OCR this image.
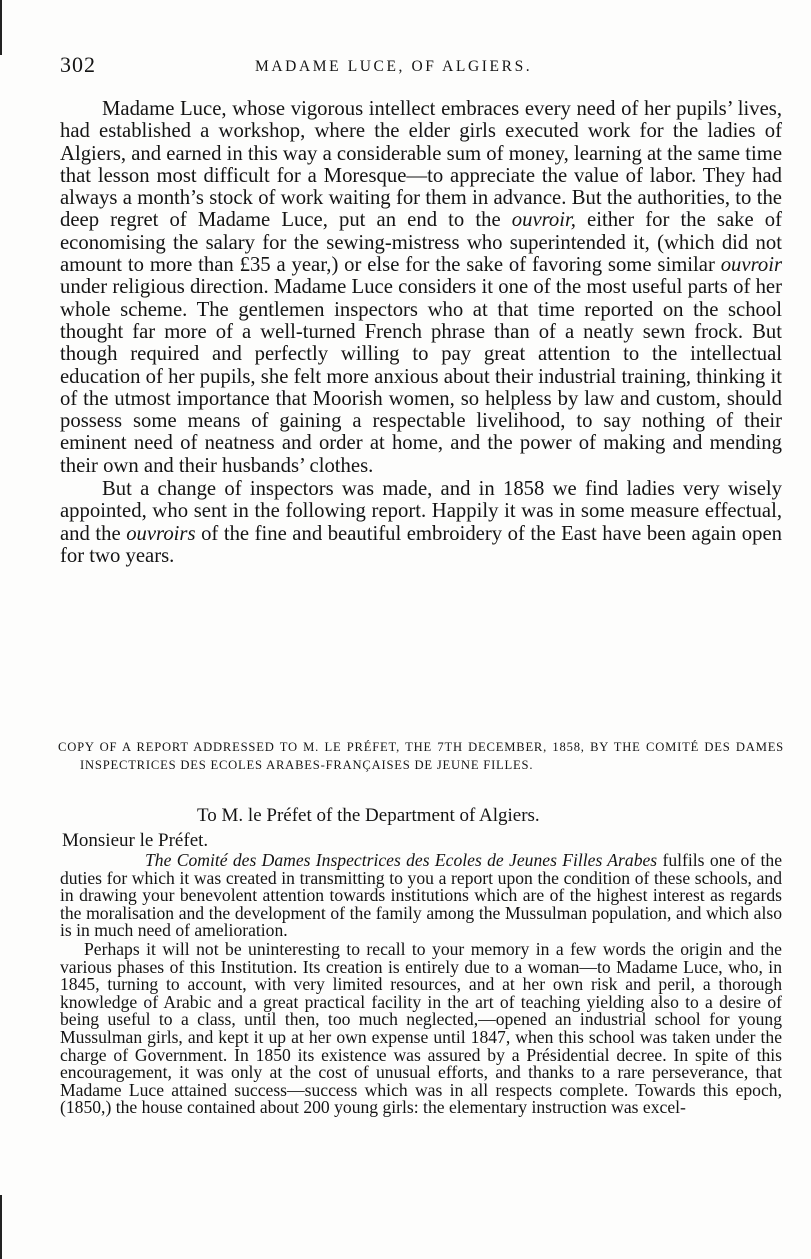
302	MADAME LUCE, OF ALGIERS.

Madame Luce, whose vigorous intellect embraces every need of her pupils’ lives, had established a workshop, where the elder girls executed work for the ladies of Algiers, and earned in this way a considerable sum of money, learning at the same time that lesson most difficult for a Moresque—to appreciate the value of labor. They had always a month’s stock of work waiting for them in advance. But the authorities, to the deep regret of Madame Luce, put an end to the ouvroir, either for the sake of economising the salary for the sewing-mistress who superintended it, (which did not amount to more than £35 a year,) or else for the sake of favoring some similar ouvroir under religious direction. Madame Luce considers it one of the most useful parts of her whole scheme. The gentlemen inspectors who at that time reported on the school thought far more of a well-turned French phrase than of a neatly sewn frock. But though required and perfectly willing to pay great attention to the intellectual education of her pupils, she felt more anxious about their industrial training, thinking it of the utmost importance that Moorish women, so helpless by law and custom, should possess some means of gaining a respectable livelihood, to say nothing of their eminent need of neatness and order at home, and the power of making and mending their own and their husbands’ clothes.

But a change of inspectors was made, and in 1858 we find ladies very wisely appointed, who sent in the following report. Happily it was in some measure effectual, and the ouvroirs of the fine and beautiful embroidery of the East have been again open for two years.

COPY OF A REPORT ADDRESSED TO M. LE PRÉFET, THE 7TH DECEMBER, 1858, BY THE COMITÉ DES DAMES INSPECTRICES DES ECOLES ARABES-FRANÇAISES DE JEUNE FILLES.
To M. le Préfet of the Department of Algiers.
Monsieur le Préfet.

The Comité des Dames Inspectrices des Ecoles de Jeunes Filles Arabes fulfils one of the duties for which it was created in transmitting to you a report upon the condition of these schools, and in drawing your benevolent attention towards institutions which are of the highest interest as regards the moralisation and the development of the family among the Mussulman population, and which also is in much need of amelioration.

Perhaps it will not be uninteresting to recall to your memory in a few words the origin and the various phases of this Institution. Its creation is entirely due to a woman—to Madame Luce, who, in 1845, turning to account, with very limited resources, and at her own risk and peril, a thorough knowledge of Arabic and a great practical facility in the art of teaching yielding also to a desire of being useful to a class, until then, too much neglected,—opened an industrial school for young Mussulman girls, and kept it up at her own expense until 1847, when this school was taken under the charge of Government. In 1850 its existence was assured by a Présidential decree. In spite of this encouragement, it was only at the cost of unusual efforts, and thanks to a rare perseverance, that Madame Luce attained success—success which was in all respects complete. Towards this epoch, (1850,) the house contained about 200 young girls: the elementary instruction was excel-
